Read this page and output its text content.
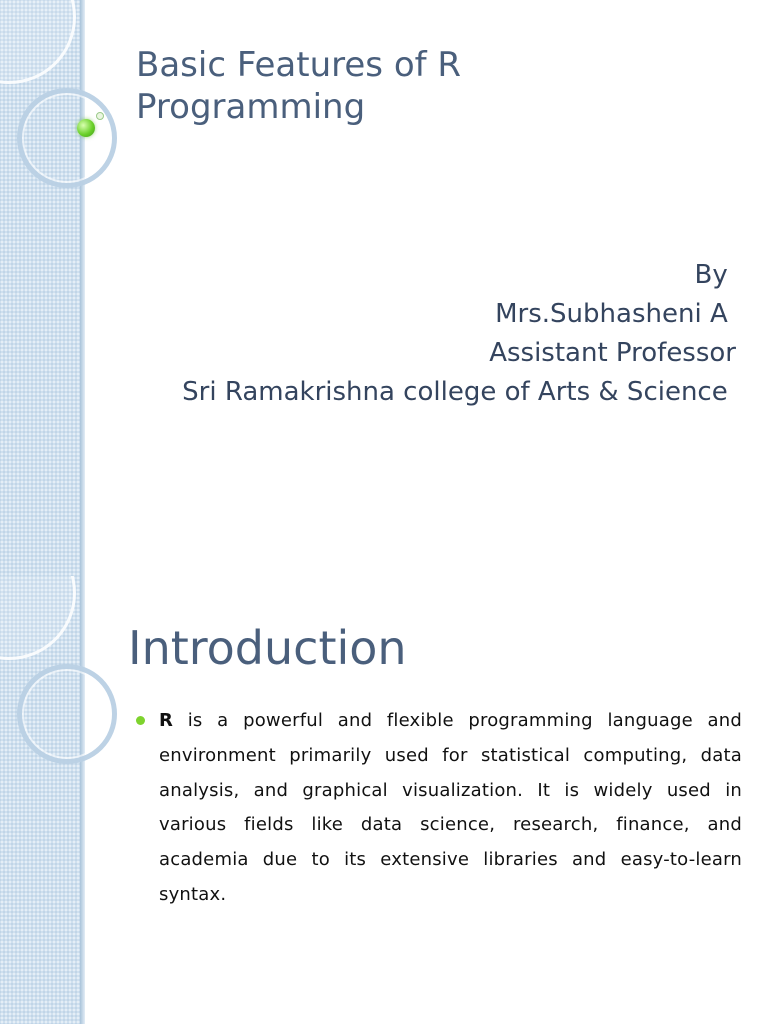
Basic Features of R Programming
By
Mrs.Subhasheni A
Assistant Professor
Sri Ramakrishna college of Arts & Science
Introduction
R is a powerful and flexible programming language and environment primarily used for statistical computing, data analysis, and graphical visualization. It is widely used in various fields like data science, research, finance, and academia due to its extensive libraries and easy-to-learn syntax.
